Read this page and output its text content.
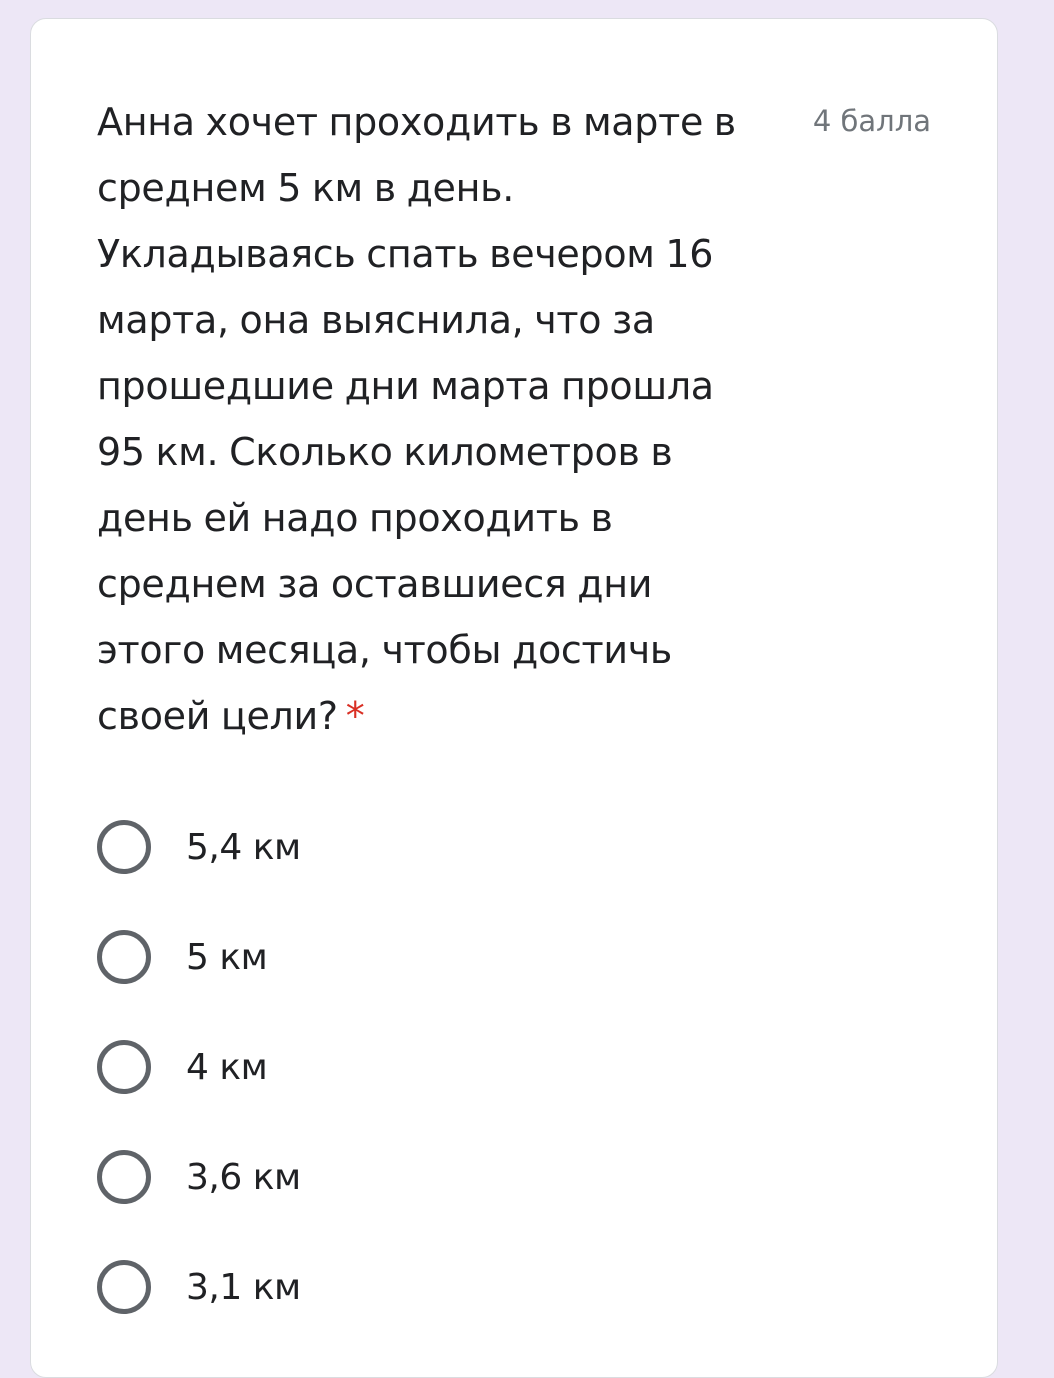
Анна хочет проходить в марте в
среднем 5 км в день.
Укладываясь спать вечером 16
марта, она выяснила, что за
прошедшие дни марта прошла
95 км. Сколько километров в
день ей надо проходить в
среднем за оставшиеся дни
этого месяца, чтобы достичь
своей цели? *
4 балла
5,4 км
5 км
4 км
3,6 км
3,1 км
